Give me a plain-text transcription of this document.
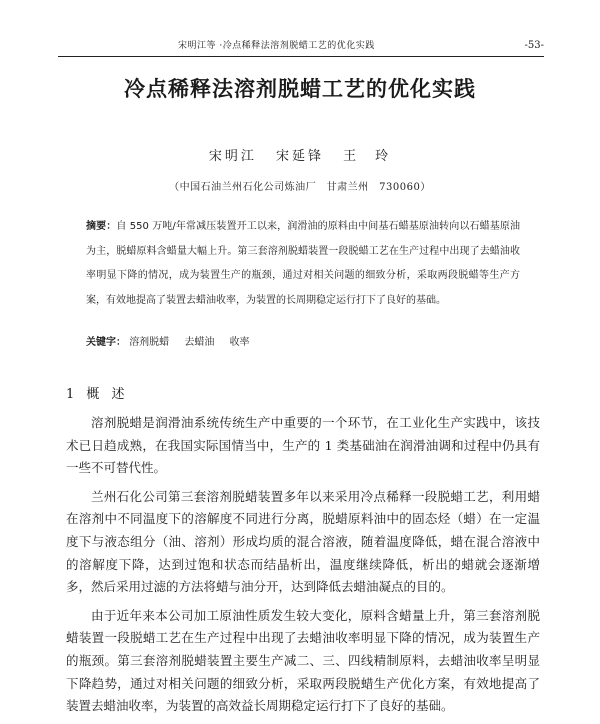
宋明江等 ·冷点稀释法溶剂脱蜡工艺的优化实践	-53-
冷点稀释法溶剂脱蜡工艺的优化实践
宋明江 宋延锋 王　玲
（中国石油兰州石化公司炼油厂　甘肃兰州　730060）
摘要：自 550 万吨/年常减压装置开工以来，润滑油的原料由中间基石蜡基原油转向以石蜡基原油为主，脱蜡原料含蜡量大幅上升。第三套溶剂脱蜡装置一段脱蜡工艺在生产过程中出现了去蜡油收率明显下降的情况，成为装置生产的瓶颈，通过对相关问题的细致分析，采取两段脱蜡等生产方案，有效地提高了装置去蜡油收率，为装置的长周期稳定运行打下了良好的基础。
关键字： 溶剂脱蜡 去蜡油 收率
1 概 述

溶剂脱蜡是润滑油系统传统生产中重要的一个环节，在工业化生产实践中，该技术已日趋成熟，在我国实际国情当中，生产的 1 类基础油在润滑油调和过程中仍具有一些不可替代性。

兰州石化公司第三套溶剂脱蜡装置多年以来采用冷点稀释一段脱蜡工艺，利用蜡在溶剂中不同温度下的溶解度不同进行分离，脱蜡原料油中的固态烃（蜡）在一定温度下与液态组分（油、溶剂）形成均质的混合溶液，随着温度降低，蜡在混合溶液中的溶解度下降，达到过饱和状态而结晶析出，温度继续降低，析出的蜡就会逐渐增多，然后采用过滤的方法将蜡与油分开，达到降低去蜡油凝点的目的。

由于近年来本公司加工原油性质发生较大变化，原料含蜡量上升，第三套溶剂脱蜡装置一段脱蜡工艺在生产过程中出现了去蜡油收率明显下降的情况，成为装置生产的瓶颈。第三套溶剂脱蜡装置主要生产减二、三、四线精制原料，去蜡油收率呈明显下降趋势，通过对相关问题的细致分析，采取两段脱蜡生产优化方案，有效地提高了装置去蜡油收率，为装置的高效益长周期稳定运行打下了良好的基础。
